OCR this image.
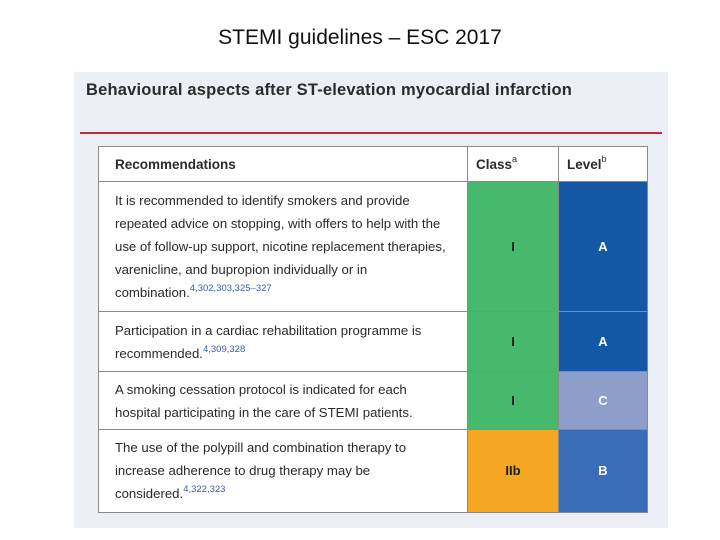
STEMI guidelines – ESC 2017
Behavioural aspects after ST-elevation myocardial infarction
Recommendations	Class$^a$	Level$^b$
It is recommended to identify smokers and provide repeated advice on stopping, with offers to help with the use of follow-up support, nicotine replacement therapies, varenicline, and bupropion individually or in combination.$^{4,302,303,325-327}$	I	A
Participation in a cardiac rehabilitation programme is recommended.$^{4,309,328}$	I	A
A smoking cessation protocol is indicated for each hospital participating in the care of STEMI patients.	I	C
The use of the polypill and combination therapy to increase adherence to drug therapy may be considered.$^{4,322,323}$	IIb	B
